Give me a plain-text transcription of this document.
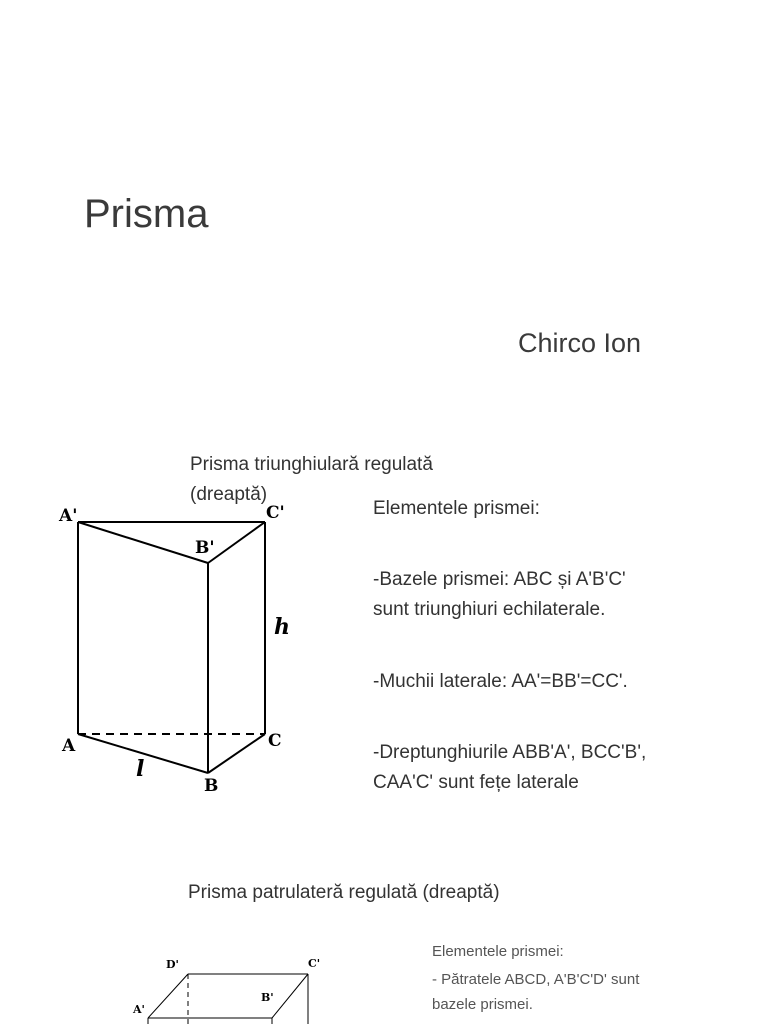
Prisma
Chirco Ion
Prisma triunghiulară regulată
(dreaptă)
A'	C'
B'
A
B
C
h
l
Elementele prismei:
-Bazele prismei: ABC și A'B'C'
sunt triunghiuri echilaterale.
-Muchii laterale: AA'=BB'=CC'.
-Dreptunghiurile ABB'A', BCC'B',
CAA'C' sunt fețe laterale
Prisma patrulateră regulată (dreaptă)
D'	C'
A'
B'
Elementele prismei:
- Pătratele ABCD, A'B'C'D' sunt
bazele prismei.
